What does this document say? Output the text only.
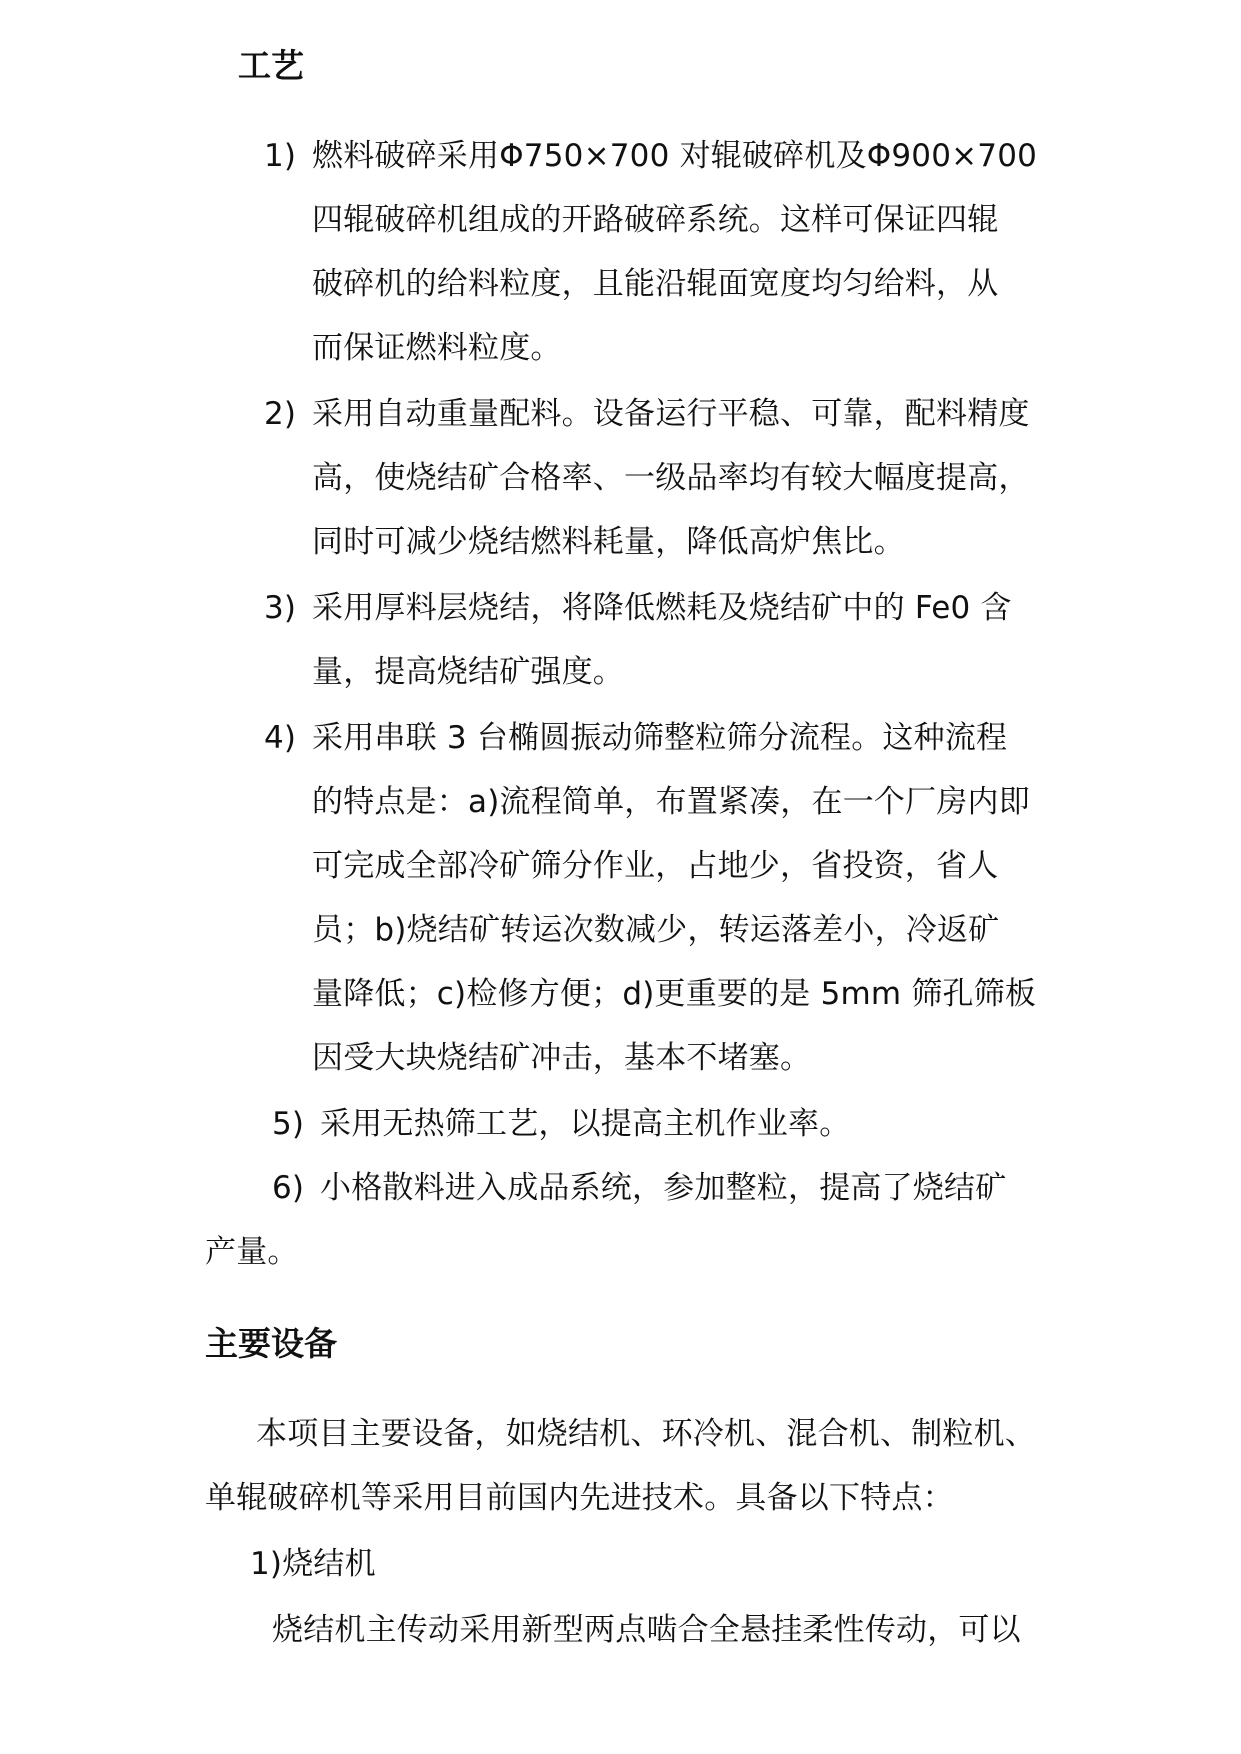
工艺
1) 燃料破碎采用Φ750×700 对辊破碎机及Φ900×700
四辊破碎机组成的开路破碎系统。这样可保证四辊
破碎机的给料粒度，且能沿辊面宽度均匀给料，从
而保证燃料粒度。
2) 采用自动重量配料。设备运行平稳、可靠，配料精度
高，使烧结矿合格率、一级品率均有较大幅度提高，
同时可减少烧结燃料耗量，降低高炉焦比。
3) 采用厚料层烧结，将降低燃耗及烧结矿中的 Fe0 含
量，提高烧结矿强度。
4) 采用串联 3 台椭圆振动筛整粒筛分流程。这种流程
的特点是：a)流程简单，布置紧凑，在一个厂房内即
可完成全部冷矿筛分作业，占地少，省投资，省人
员；b)烧结矿转运次数减少，转运落差小，冷返矿
量降低；c)检修方便；d)更重要的是 5mm 筛孔筛板
因受大块烧结矿冲击，基本不堵塞。
5) 采用无热筛工艺，以提高主机作业率。
6) 小格散料进入成品系统，参加整粒，提高了烧结矿
产量。
主要设备
本项目主要设备，如烧结机、环冷机、混合机、制粒机、
单辊破碎机等采用目前国内先进技术。具备以下特点：
1)烧结机
烧结机主传动采用新型两点啮合全悬挂柔性传动，可以
